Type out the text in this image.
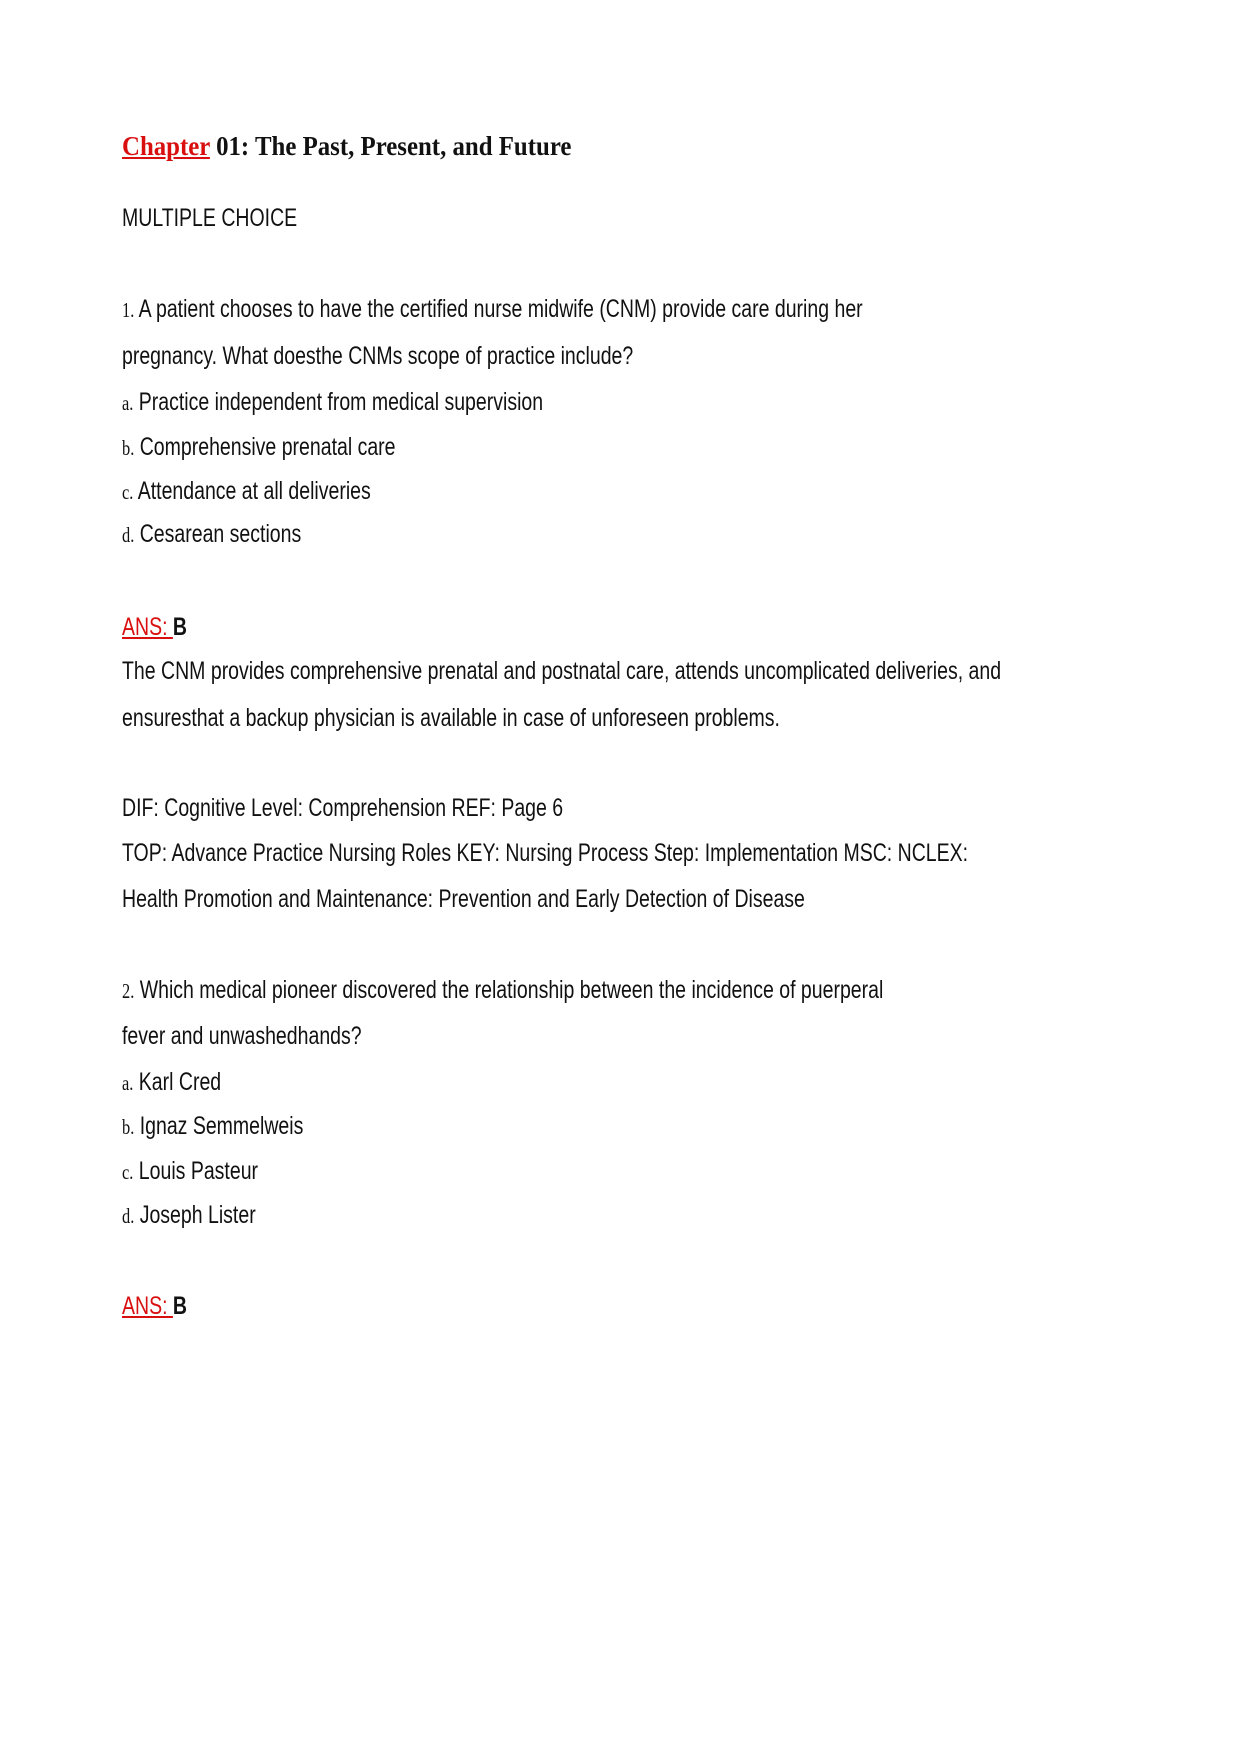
Chapter 01: The Past, Present, and Future
MULTIPLE CHOICE
1. A patient chooses to have the certified nurse midwife (CNM) provide care during her
pregnancy. What doesthe CNMs scope of practice include?
a. Practice independent from medical supervision
b. Comprehensive prenatal care
c. Attendance at all deliveries
d. Cesarean sections
ANS: B
The CNM provides comprehensive prenatal and postnatal care, attends uncomplicated deliveries, and
ensuresthat a backup physician is available in case of unforeseen problems.
DIF: Cognitive Level: Comprehension REF: Page 6
TOP: Advance Practice Nursing Roles KEY: Nursing Process Step: Implementation MSC: NCLEX:
Health Promotion and Maintenance: Prevention and Early Detection of Disease
2. Which medical pioneer discovered the relationship between the incidence of puerperal
fever and unwashedhands?
a. Karl Cred
b. Ignaz Semmelweis
c. Louis Pasteur
d. Joseph Lister
ANS: B
